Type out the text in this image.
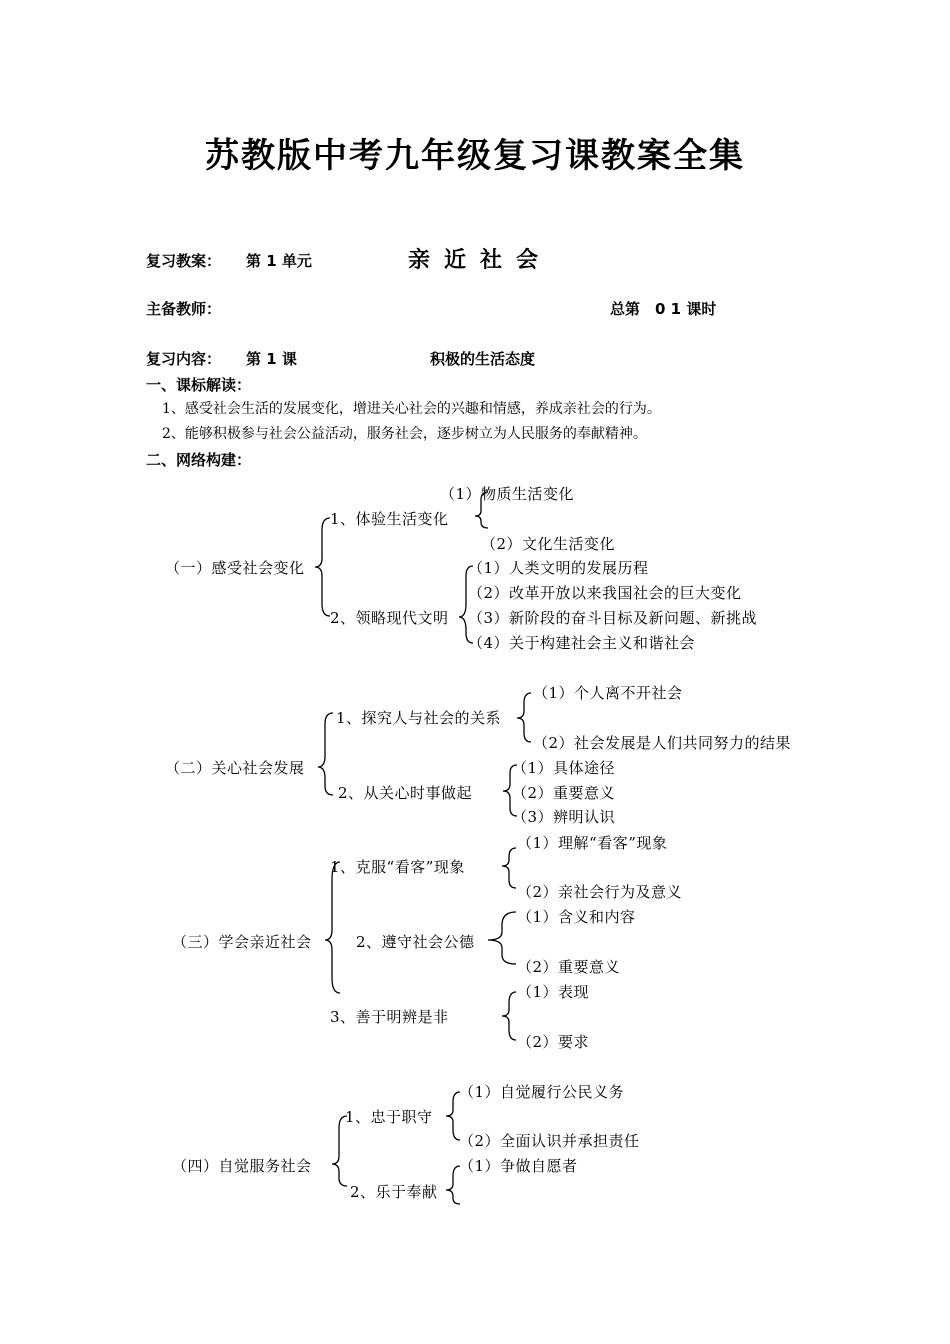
苏教版中考九年级复习课教案全集
复习教案： 第 1 单元	亲近社会
主备教师：	总第　0 1 课时
复习内容： 第 1 课	积极的生活态度
一、课标解读：
1、感受社会生活的发展变化，增进关心社会的兴趣和情感，养成亲社会的行为。
2、能够积极参与社会公益活动，服务社会，逐步树立为人民服务的奉献精神。
二、网络构建：
（一）感受社会变化
1、体验生活变化
（1）物质生活变化
（2）文化生活变化
2、领略现代文明
（1）人类文明的发展历程
（2）改革开放以来我国社会的巨大变化
（3）新阶段的奋斗目标及新问题、新挑战
（4）关于构建社会主义和谐社会
（二）关心社会发展
1、探究人与社会的关系
（1）个人离不开社会
（2）社会发展是人们共同努力的结果
2、从关心时事做起
（1）具体途径
（2）重要意义
（3）辨明认识
（三）学会亲近社会
1、克服“看客”现象
（1）理解“看客”现象
（2）亲社会行为及意义
2、遵守社会公德
（1）含义和内容
（2）重要意义
3、善于明辨是非
（1）表现
（2）要求
（四）自觉服务社会
1、忠于职守
（1）自觉履行公民义务
（2）全面认识并承担责任
2、乐于奉献
（1）争做自愿者
